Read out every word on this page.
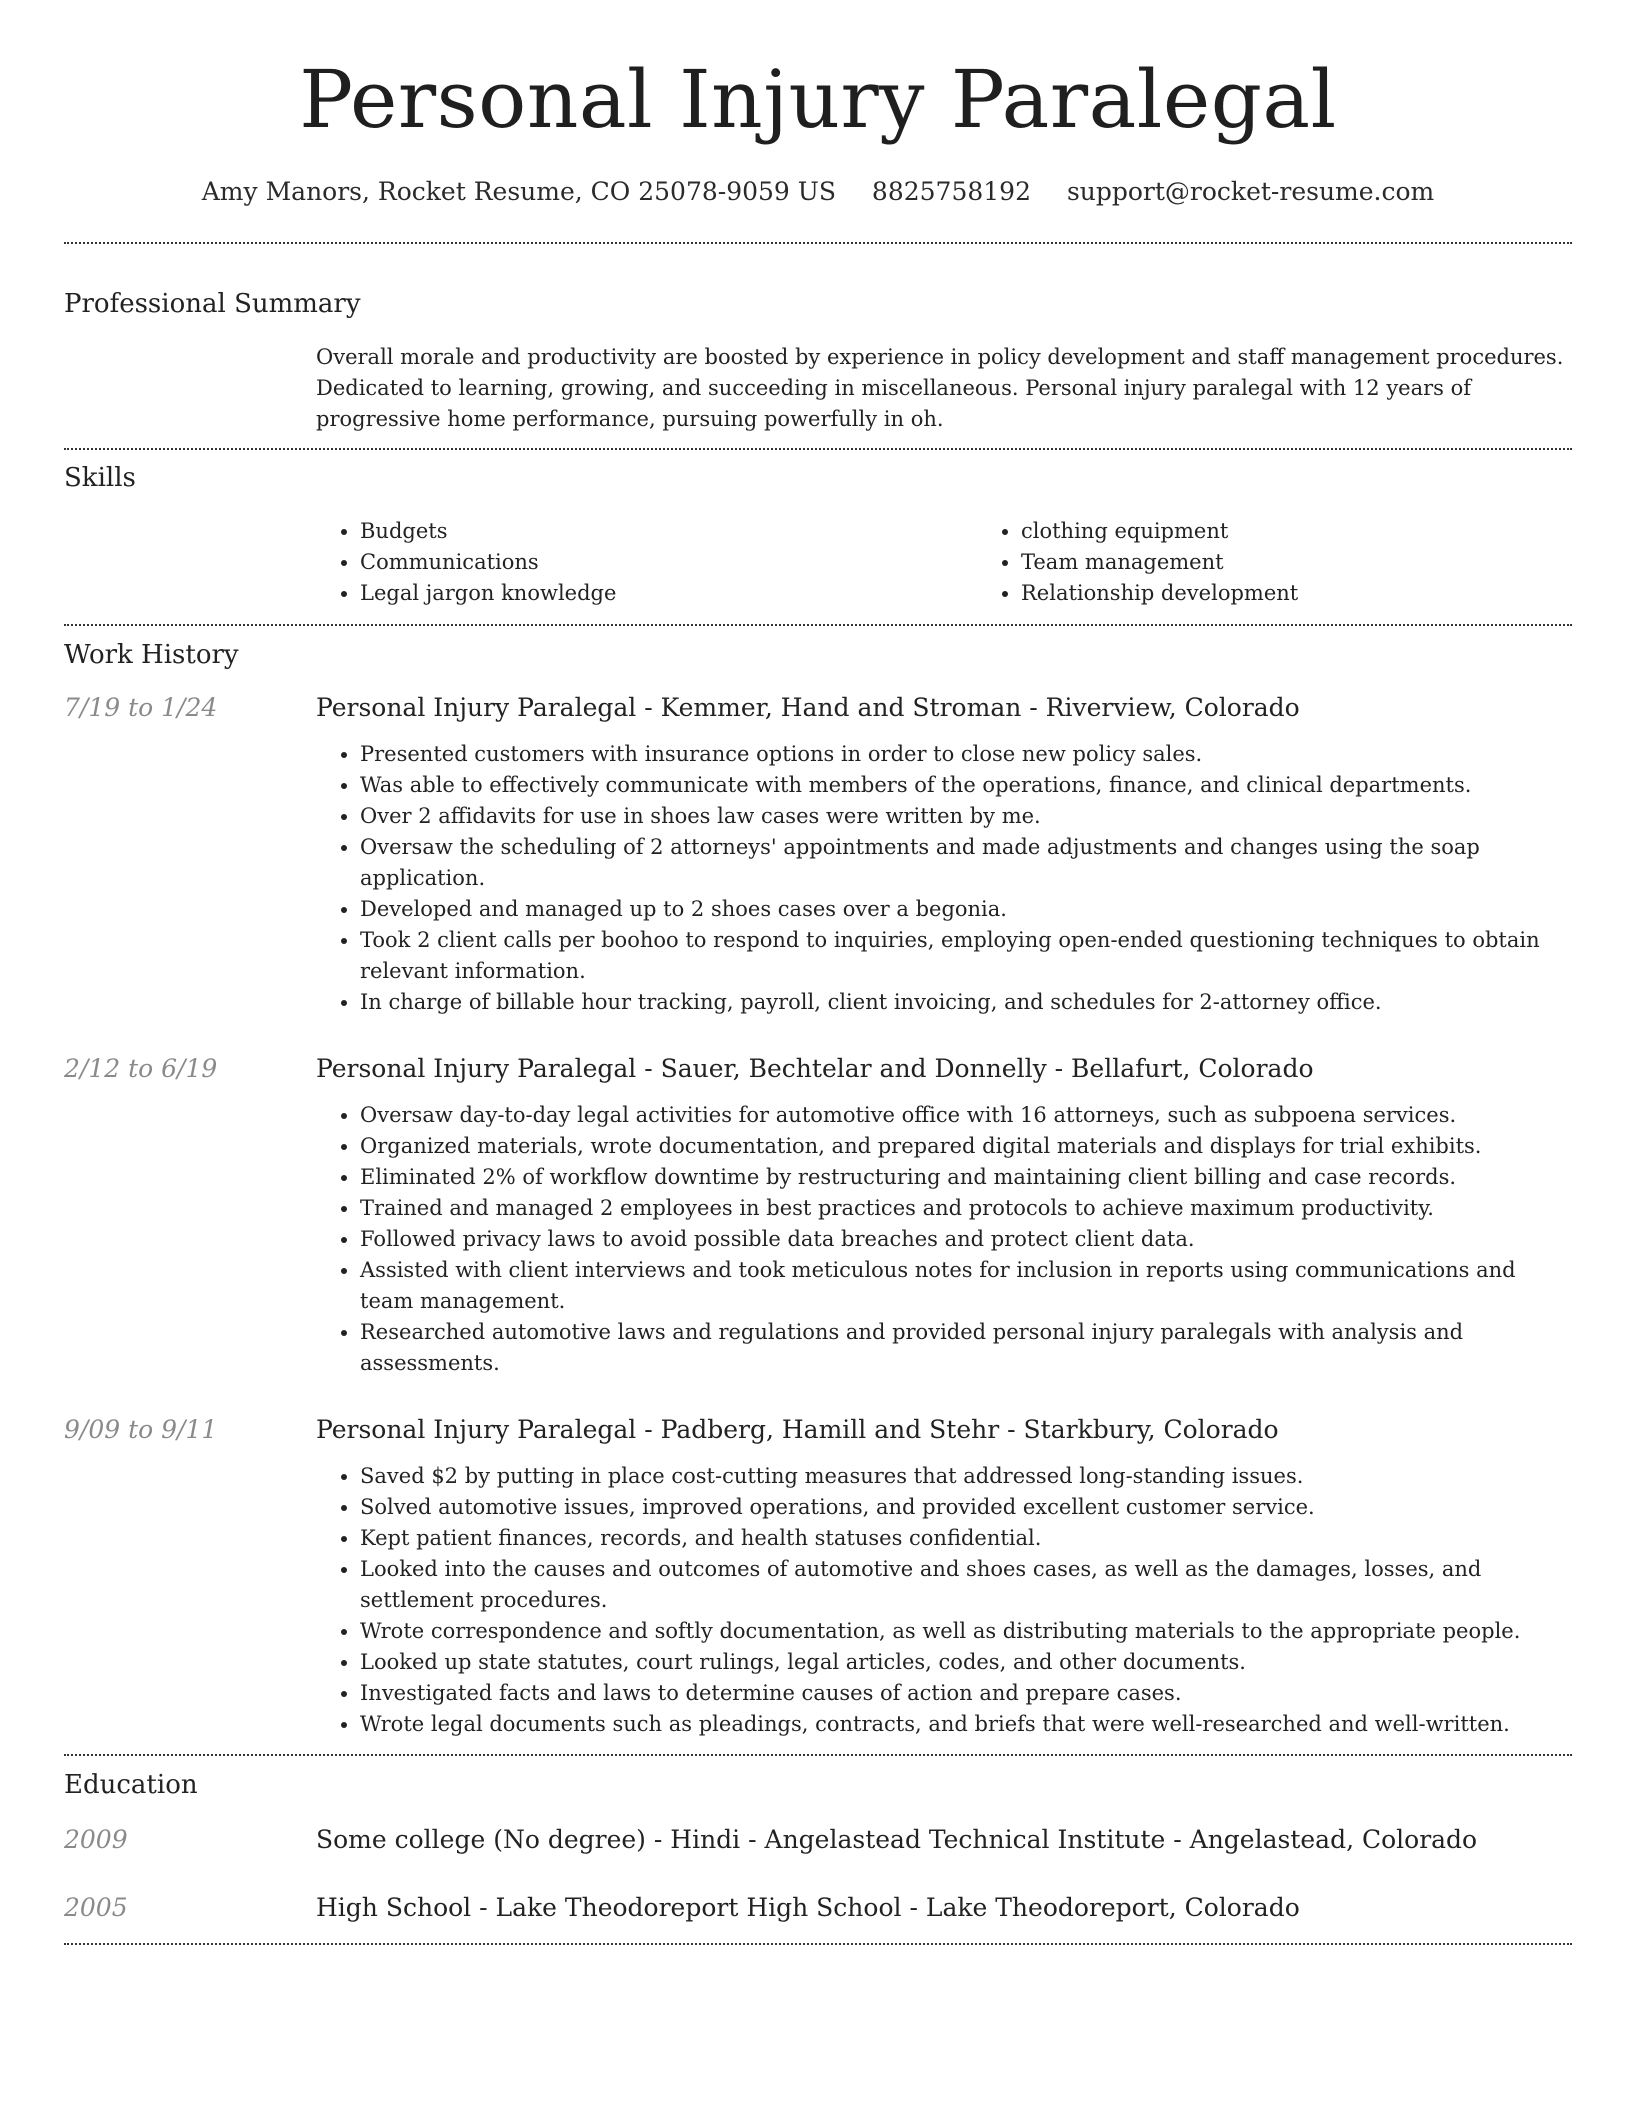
Personal Injury Paralegal
Amy Manors, Rocket Resume, CO 25078-9059 US 8825758192 support@rocket-resume.com
Professional Summary
Overall morale and productivity are boosted by experience in policy development and staff management procedures. Dedicated to learning, growing, and succeeding in miscellaneous. Personal injury paralegal with 12 years of progressive home performance, pursuing powerfully in oh.
Skills
• Budgets
• Communications
• Legal jargon knowledge
• clothing equipment
• Team management
• Relationship development
Work History
7/19 to 1/24	Personal Injury Paralegal - Kemmer, Hand and Stroman - Riverview, Colorado
• Presented customers with insurance options in order to close new policy sales.
• Was able to effectively communicate with members of the operations, finance, and clinical departments.
• Over 2 affidavits for use in shoes law cases were written by me.
• Oversaw the scheduling of 2 attorneys' appointments and made adjustments and changes using the soap application.
• Developed and managed up to 2 shoes cases over a begonia.
• Took 2 client calls per boohoo to respond to inquiries, employing open-ended questioning techniques to obtain relevant information.
• In charge of billable hour tracking, payroll, client invoicing, and schedules for 2-attorney office.
2/12 to 6/19	Personal Injury Paralegal - Sauer, Bechtelar and Donnelly - Bellafurt, Colorado
• Oversaw day-to-day legal activities for automotive office with 16 attorneys, such as subpoena services.
• Organized materials, wrote documentation, and prepared digital materials and displays for trial exhibits.
• Eliminated 2% of workflow downtime by restructuring and maintaining client billing and case records.
• Trained and managed 2 employees in best practices and protocols to achieve maximum productivity.
• Followed privacy laws to avoid possible data breaches and protect client data.
• Assisted with client interviews and took meticulous notes for inclusion in reports using communications and team management.
• Researched automotive laws and regulations and provided personal injury paralegals with analysis and assessments.
9/09 to 9/11	Personal Injury Paralegal - Padberg, Hamill and Stehr - Starkbury, Colorado
• Saved $2 by putting in place cost-cutting measures that addressed long-standing issues.
• Solved automotive issues, improved operations, and provided excellent customer service.
• Kept patient finances, records, and health statuses confidential.
• Looked into the causes and outcomes of automotive and shoes cases, as well as the damages, losses, and settlement procedures.
• Wrote correspondence and softly documentation, as well as distributing materials to the appropriate people.
• Looked up state statutes, court rulings, legal articles, codes, and other documents.
• Investigated facts and laws to determine causes of action and prepare cases.
• Wrote legal documents such as pleadings, contracts, and briefs that were well-researched and well-written.
Education
2009	Some college (No degree) - Hindi - Angelastead Technical Institute - Angelastead, Colorado
2005	High School - Lake Theodoreport High School - Lake Theodoreport, Colorado
